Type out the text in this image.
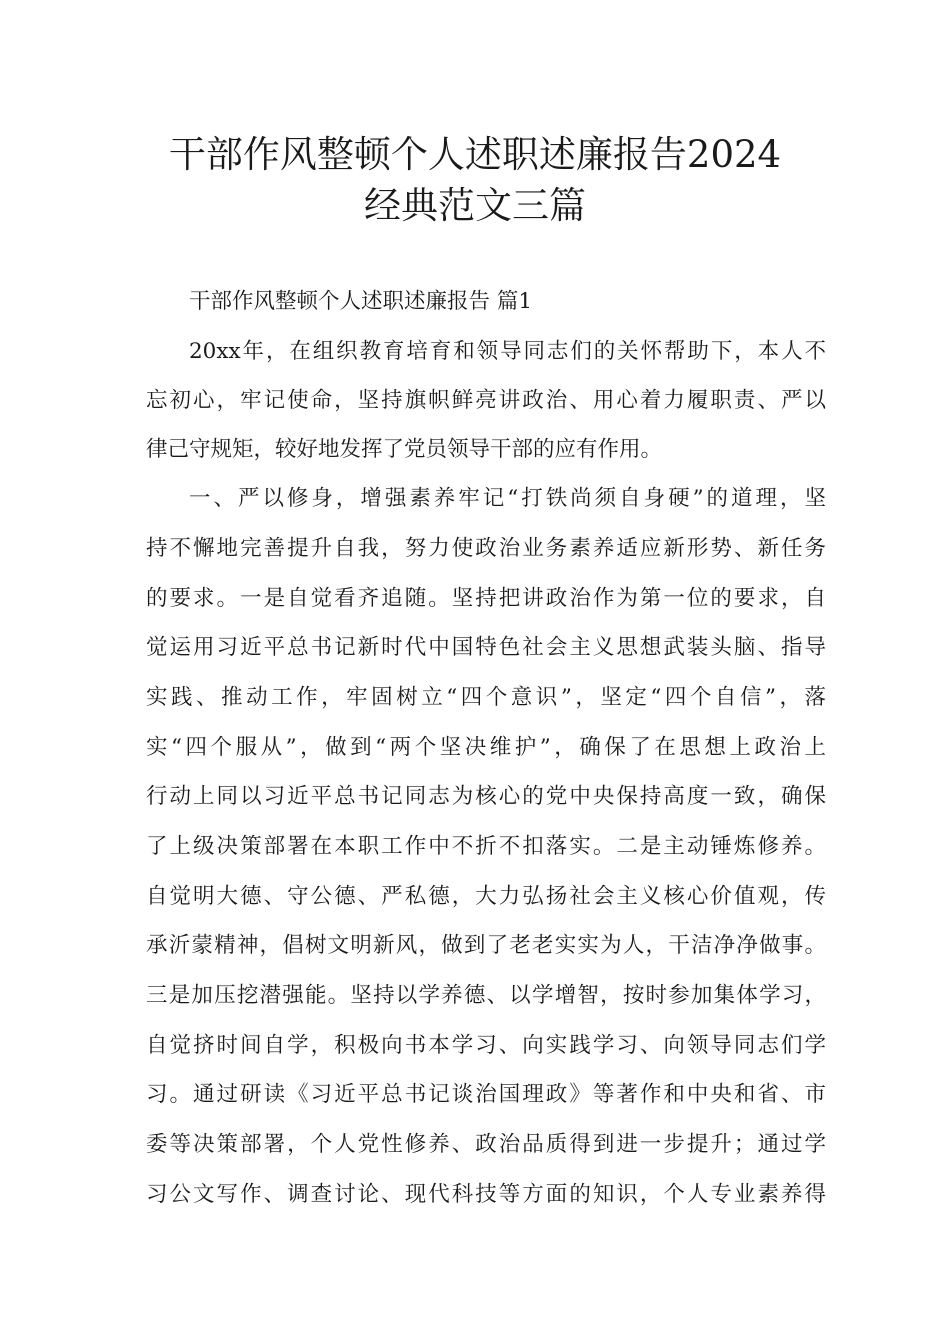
干部作风整顿个人述职述廉报告2024
经典范文三篇

干部作风整顿个人述职述廉报告 篇1

20xx年，在组织教育培育和领导同志们的关怀帮助下，本人不

忘初心，牢记使命，坚持旗帜鲜亮讲政治、用心着力履职责、严以

律己守规矩，较好地发挥了党员领导干部的应有作用。

一、严以修身，增强素养牢记“打铁尚须自身硬”的道理，坚

持不懈地完善提升自我，努力使政治业务素养适应新形势、新任务

的要求。一是自觉看齐追随。坚持把讲政治作为第一位的要求，自

觉运用习近平总书记新时代中国特色社会主义思想武装头脑、指导

实践、推动工作，牢固树立“四个意识”，坚定“四个自信”，落

实“四个服从”，做到“两个坚决维护”，确保了在思想上政治上

行动上同以习近平总书记同志为核心的党中央保持高度一致，确保

了上级决策部署在本职工作中不折不扣落实。二是主动锤炼修养。

自觉明大德、守公德、严私德，大力弘扬社会主义核心价值观，传

承沂蒙精神，倡树文明新风，做到了老老实实为人，干洁净净做事。

三是加压挖潜强能。坚持以学养德、以学增智，按时参加集体学习，

自觉挤时间自学，积极向书本学习、向实践学习、向领导同志们学

习。通过研读《习近平总书记谈治国理政》等著作和中央和省、市

委等决策部署，个人党性修养、政治品质得到进一步提升；通过学

习公文写作、调查讨论、现代科技等方面的知识，个人专业素养得
